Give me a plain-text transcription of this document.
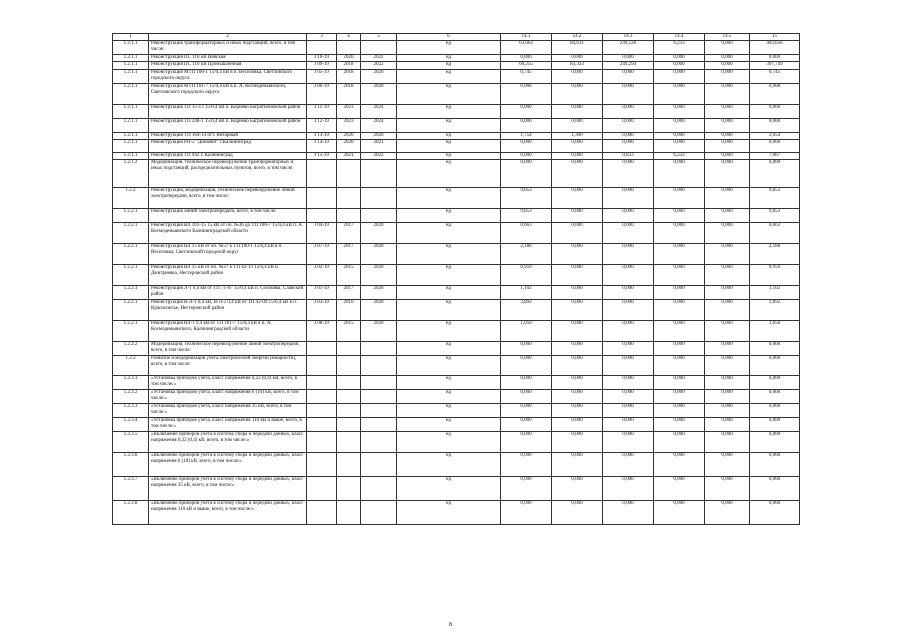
1	2	3	4	5	6	14.1	14.2	14.3	14.4	14.5	15
1.2.1.1	Реконструкция трансформаторных и иных подстанций, всего, в том числе:				нд	63,662	84,631	249,128	6,233	0,000	403,656
1.2.1.1	Реконструкция ПС 110 кВ Нивская	J 10-19	2020	2022	нд	0,000	0,000	0,000	0,000	0,000	0,000
1.2.1.1	Реконструкция ПС 110 кВ Промышленная	J 09-19	2018	2022	нд	60,255	83,333	249,294	0,000	0,000	397,749
1.2.1.1	Реконструкция МТП 100-1 15/0,4 кВ в п. Веселовка, Светловского городского округа	J 05-19	2018	2020	нд	0,745	0,000	0,000	0,000	0,000	0,745
1.2.1.1	Реконструкция МТП 101-7 15/0,4 кВ в п. А. Космодемьянского, Светловского городского округа	J 06-19	2018	2020	нд	0,908	0,000	0,000	0,000	0,000	0,908
1.2.1.1	Реконструкция ТП 15-13 15/0,4 кВ п. Корнево Багратионовский район	J 11-19	2023	2024	нд	0,000	0,000	0,000	0,000	0,000	0,000
1.2.1.1	Реконструкция ТП 248-1 15/0,4 кВ п. Корнево Багратионовский район	J 12-19	2023	2024	нд	0,000	0,000	0,000	0,000	0,000	0,000
1.2.1.1	Реконструкция ТП 164-14 пгт. Янтарный	J 13-19	2020	2020	нд	1,754	1,300	0,000	0,000	0,000	3,054
1.2.1.1	Реконструкция РП-2 "Динамит" г.Калининград	J 14-19	2020	2021	нд	0,000	0,000	0,000	0,000	0,000	0,000
1.2.1.1	Реконструкция ТП 942 г. Калининград	J 15-19	2021	2022	нд	0,000	0,000	0,833	6,233	0,000	7,067
1.2.1.2	Модернизация, техническое перевооружение трансформаторных и иных подстанций, распределительных пунктов, всего, в том числе:				нд	0,000	0,000	0,000	0,000	0,000	0,000
1.2.2	Реконструкция, модернизация, техническое перевооружение линий электропередачи, всего, в том числе:				нд	9,853	0,000	0,000	0,000	0,000	9,853
1.2.2.1	Реконструкция линий электропередачи, всего, в том числе:				нд	9,853	0,000	0,000	0,000	0,000	9,853
1.2.2.1	Реконструкция ВЛ 101-15 15 кВ от оп. №36 до ТП 100-7 15/0,4 кВ п. А. Космодемьянского Калининградской области	J 04-19	2017	2020	нд	0,663	0,000	0,000	0,000	0,000	0,663
1.2.2.1	Реконструкция ВЛ 15 кВ от оп. №57 к ТП 100-1 15/0,4 кВ в п. Веселовка, Светловский городской округ	J 07-19	2017	2020	нд	2,188	0,000	0,000	0,000	0,000	2,188
1.2.2.1	Реконструкция ВЛ 15 кВ от оп. №27 к ТП 42-13 15/0,4 кВ п. Дмитриевка, Нестеровский район	J 02-19	2015	2020	нд	0,959	0,000	0,000	0,000	0,000	0,959
1.2.2.1	Реконструкция Л-1 0,4 кВ от ТП 71-07 15/0,4 кВ п. Сосновка, Славский район	J 01-19	2017	2020	нд	1,102	0,000	0,000	0,000	0,000	1,102
1.2.2.1	Реконструкция В-Л-1 0,4 кВ, В-Л-2 0,4 кВ от ТП 42-09 15/0,4 кВ в п. Краснолесье, Нестеровский район	J 03-19	2016	2020	нд	3,892	0,000	0,000	0,000	0,000	3,892
1.2.2.1	Реконструкция ВЛ-1 0,4 кВ от ТП 101-7 15/0,4 кВ в п. А. Космодемьянского, Калининградской области	J 08-19	2015	2020	нд	1,050	0,000	0,000	0,000	0,000	1,050
1.2.2.2	Модернизация, техническое перевооружение линий электропередачи, всего, в том числе:				нд	0,000	0,000	0,000	0,000	0,000	0,000
1.2.3	Развитие и модернизация учета электрической энергии (мощности), всего, в том числе:				нд	0,000	0,000	0,000	0,000	0,000	0,000
1.2.3.1	«Установка приборов учета, класс напряжения 0,22 (0,4) кВ, всего, в том числе:»				нд	0,000	0,000	0,000	0,000	0,000	0,000
1.2.3.2	«Установка приборов учета, класс напряжения 6 (10) кВ, всего, в том числе:»				нд	0,000	0,000	0,000	0,000	0,000	0,000
1.2.3.3	«Установка приборов учета, класс напряжения 35 кВ, всего, в том числе:»				нд	0,000	0,000	0,000	0,000	0,000	0,000
1.2.3.4	«Установка приборов учета, класс напряжения 110 кВ и выше, всего, в том числе:»				нд	0,000	0,000	0,000	0,000	0,000	0,000
1.2.3.5	«Включение приборов учета в систему сбора и передачи данных, класс напряжения 0,22 (0,4) кВ, всего, в том числе:»				нд	0,000	0,000	0,000	0,000	0,000	0,000
1.2.3.6	«Включение приборов учета в систему сбора и передачи данных, класс напряжения 6 (10) кВ, всего, в том числе:»				нд	0,000	0,000	0,000	0,000	0,000	0,000
1.2.3.7	«Включение приборов учета в систему сбора и передачи данных, класс напряжения 35 кВ, всего, в том числе:»				нд	0,000	0,000	0,000	0,000	0,000	0,000
1.2.3.8	«Включение приборов учета в систему сбора и передачи данных, класс напряжения 110 кВ и выше, всего, в том числе:»				нд	0,000	0,000	0,000	0,000	0,000	0,000
8
